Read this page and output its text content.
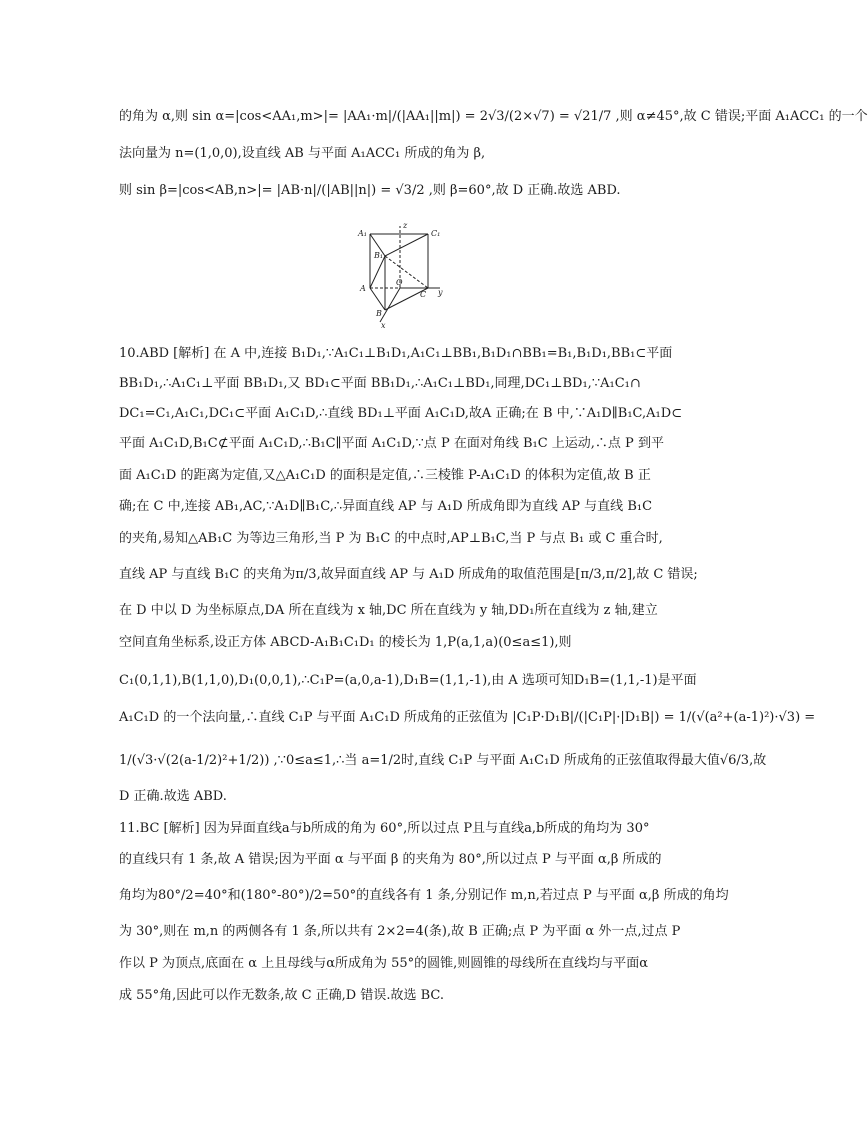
的角为 α,则 sin α=|cos<AA₁,m>|= |AA₁·m|/(|AA₁||m|) = 2√3/(2×√7) = √21/7 ,则 α≠45°,故 C 错误;平面 A₁ACC₁ 的一个
法向量为 n=(1,0,0),设直线 AB 与平面 A₁ACC₁ 所成的角为 β,
则 sin β=|cos<AB,n>|= |AB·n|/(|AB||n|) = √3/2 ,则 β=60°,故 D 正确.故选 ABD.
A₁	C₁
B₁
z
A
O
C y
B
x
10.ABD [解析] 在 A 中,连接 B₁D₁,∵A₁C₁⊥B₁D₁,A₁C₁⊥BB₁,B₁D₁∩BB₁=B₁,B₁D₁,BB₁⊂平面
BB₁D₁,∴A₁C₁⊥平面 BB₁D₁,又 BD₁⊂平面 BB₁D₁,∴A₁C₁⊥BD₁,同理,DC₁⊥BD₁,∵A₁C₁∩
DC₁=C₁,A₁C₁,DC₁⊂平面 A₁C₁D,∴直线 BD₁⊥平面 A₁C₁D,故A 正确;在 B 中,∵A₁D∥B₁C,A₁D⊂
平面 A₁C₁D,B₁C⊄平面 A₁C₁D,∴B₁C∥平面 A₁C₁D,∵点 P 在面对角线 B₁C 上运动,∴点 P 到平
面 A₁C₁D 的距离为定值,又△A₁C₁D 的面积是定值,∴三棱锥 P-A₁C₁D 的体积为定值,故 B 正
确;在 C 中,连接 AB₁,AC,∵A₁D∥B₁C,∴异面直线 AP 与 A₁D 所成角即为直线 AP 与直线 B₁C
的夹角,易知△AB₁C 为等边三角形,当 P 为 B₁C 的中点时,AP⊥B₁C,当 P 与点 B₁ 或 C 重合时,
直线 AP 与直线 B₁C 的夹角为π/3,故异面直线 AP 与 A₁D 所成角的取值范围是[π/3,π/2],故 C 错误;
在 D 中以 D 为坐标原点,DA 所在直线为 x 轴,DC 所在直线为 y 轴,DD₁所在直线为 z 轴,建立
空间直角坐标系,设正方体 ABCD-A₁B₁C₁D₁ 的棱长为 1,P(a,1,a)(0≤a≤1),则
C₁(0,1,1),B(1,1,0),D₁(0,0,1),∴C₁P=(a,0,a-1),D₁B=(1,1,-1),由 A 选项可知D₁B=(1,1,-1)是平面
A₁C₁D 的一个法向量,∴直线 C₁P 与平面 A₁C₁D 所成角的正弦值为 |C₁P·D₁B|/(|C₁P|·|D₁B|) = 1/(√(a²+(a-1)²)·√3) =
1/(√3·√(2(a-1/2)²+1/2)) ,∵0≤a≤1,∴当 a=1/2时,直线 C₁P 与平面 A₁C₁D 所成角的正弦值取得最大值√6/3,故
D 正确.故选 ABD.
11.BC [解析] 因为异面直线a与b所成的角为 60°,所以过点 P且与直线a,b所成的角均为 30°
的直线只有 1 条,故 A 错误;因为平面 α 与平面 β 的夹角为 80°,所以过点 P 与平面 α,β 所成的
角均为80°/2=40°和(180°-80°)/2=50°的直线各有 1 条,分别记作 m,n,若过点 P 与平面 α,β 所成的角均
为 30°,则在 m,n 的两侧各有 1 条,所以共有 2×2=4(条),故 B 正确;点 P 为平面 α 外一点,过点 P
作以 P 为顶点,底面在 α 上且母线与α所成角为 55°的圆锥,则圆锥的母线所在直线均与平面α
成 55°角,因此可以作无数条,故 C 正确,D 错误.故选 BC.
